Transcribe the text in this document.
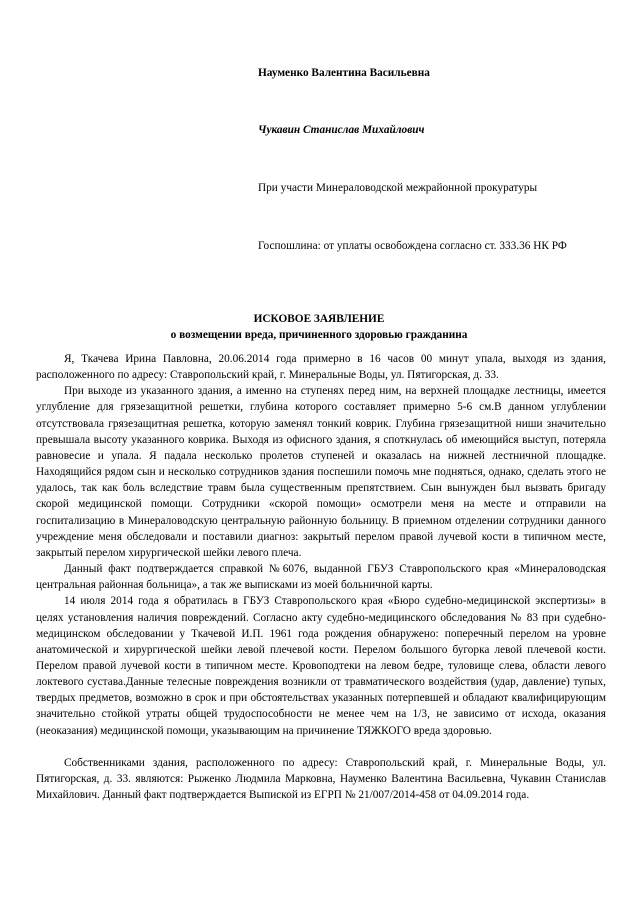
Науменко Валентина Васильевна
Чукавин Станислав Михайлович
При участи Минераловодской межрайонной прокуратуры
Госпошлина: от уплаты освобождена согласно ст. 333.36 НК РФ
ИСКОВОЕ ЗАЯВЛЕНИЕ
о возмещении вреда, причиненного здоровью гражданина

Я, Ткачева Ирина Павловна, 20.06.2014 года примерно в 16 часов 00 минут упала, выходя из здания, расположенного по адресу: Ставропольский край, г. Минеральные Воды, ул. Пятигорская, д. 33.

При выходе из указанного здания, а именно на ступенях перед ним, на верхней площадке лестницы, имеется углубление для грязезащитной решетки, глубина которого составляет примерно 5-6 см.В данном углублении отсутствовала грязезащитная решетка, которую заменял тонкий коврик. Глубина грязезащитной ниши значительно превышала высоту указанного коврика. Выходя из офисного здания, я споткнулась об имеющийся выступ, потеряла равновесие и упала. Я падала несколько пролетов ступеней и оказалась на нижней лестничной площадке. Находящийся рядом сын и несколько сотрудников здания поспешили помочь мне подняться, однако, сделать этого не удалось, так как боль вследствие травм была существенным препятствием. Сын вынужден был вызвать бригаду скорой медицинской помощи. Сотрудники «скорой помощи» осмотрели меня на месте и отправили на госпитализацию в Минераловодскую центральную районную больницу. В приемном отделении сотрудники данного учреждение меня обследовали и поставили диагноз: закрытый перелом правой лучевой кости в типичном месте, закрытый перелом хирургической шейки левого плеча.

Данный факт подтверждается справкой №6076, выданной ГБУЗ Ставропольского края «Минераловодская центральная районная больница», а так же выписками из моей больничной карты.

14 июля 2014 года я обратилась в ГБУЗ Ставропольского края «Бюро судебно-медицинской экспертизы» в целях установления наличия повреждений. Согласно акту судебно-медицинского обследования № 83 при судебно-медицинском обследовании у Ткачевой И.П. 1961 года рождения обнаружено: поперечный перелом на уровне анатомической и хирургической шейки левой плечевой кости. Перелом большого бугорка левой плечевой кости. Перелом правой лучевой кости в типичном месте. Кровоподтеки на левом бедре, туловище слева, области левого локтевого сустава.Данные телесные повреждения возникли от травматического воздействия (удар, давление) тупых, твердых предметов, возможно в срок и при обстоятельствах указанных потерпевшей и обладают квалифицирующим значительно стойкой утраты общей трудоспособности не менее чем на 1/3, не зависимо от исхода, оказания (неоказания) медицинской помощи, указывающим на причинение ТЯЖКОГО вреда здоровью.

Собственниками здания, расположенного по адресу: Ставропольский край, г. Минеральные Воды, ул. Пятигорская, д. 33. являются: Рыженко Людмила Марковна, Науменко Валентина Васильевна, Чукавин Станислав Михайлович. Данный факт подтверждается Выпиской из ЕГРП № 21/007/2014-458 от 04.09.2014 года.
